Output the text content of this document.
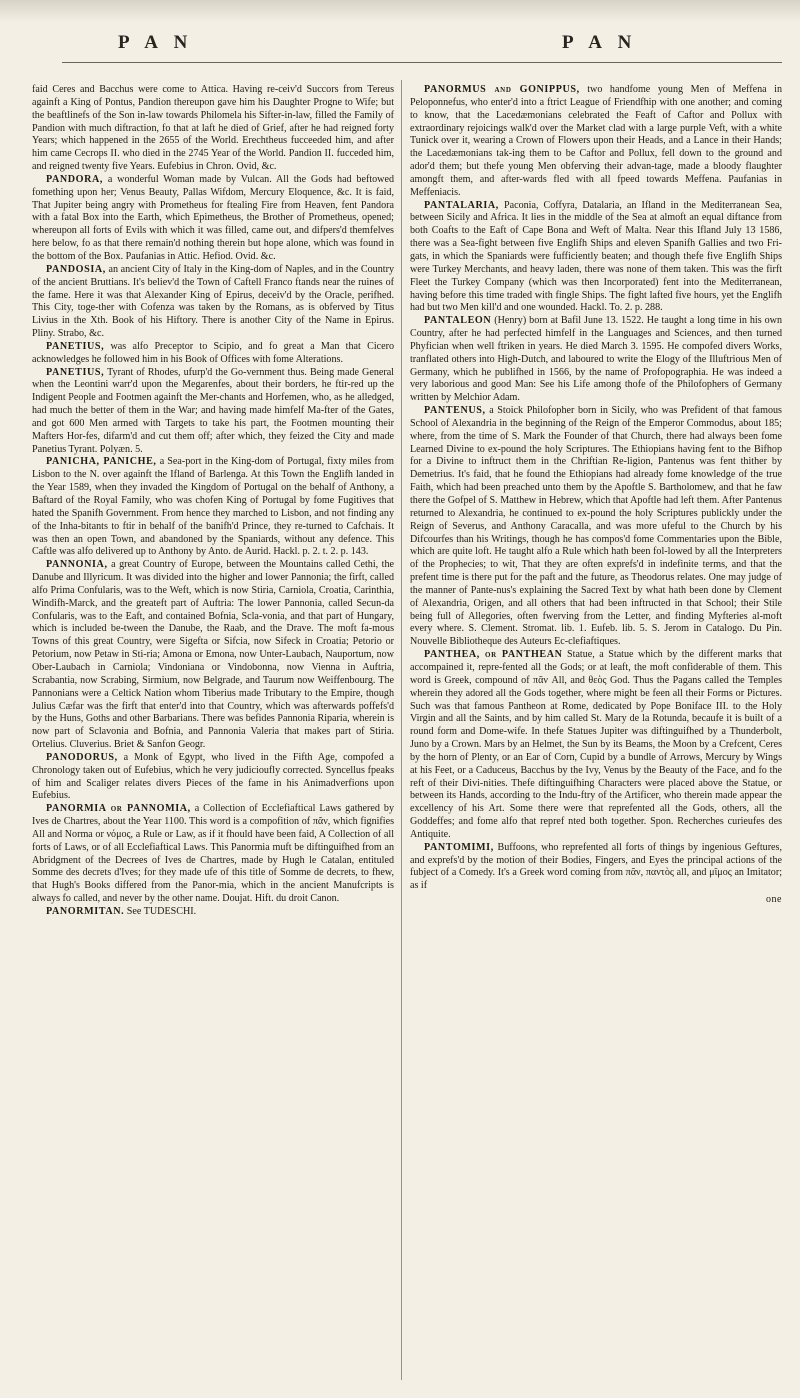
P A N	P A N

faid Ceres and Bacchus were come to Attica. Having re-ceiv'd Succors from Tereus againft a King of Pontus, Pandion thereupon gave him his Daughter Progne to Wife; but the beaftlinefs of the Son in-law towards Philomela his Sifter-in-law, filled the Family of Pandion with much diftraction, fo that at laft he died of Grief, after he had reigned forty Years; which happened in the 2655 of the World. Erechtheus fucceeded him, and after him came Cecrops II. who died in the 2745 Year of the World. Pandion II. fucceded him, and reigned twenty five Years. Eufebius in Chron. Ovid, &c.

PANDORA, a wonderful Woman made by Vulcan. All the Gods had beftowed fomething upon her; Venus Beauty, Pallas Wifdom, Mercury Eloquence, &c. It is faid, That Jupiter being angry with Prometheus for ftealing Fire from Heaven, fent Pandora with a fatal Box into the Earth, which Epimetheus, the Brother of Prometheus, opened; whereupon all forts of Evils with which it was filled, came out, and difpers'd themfelves here below, fo as that there remain'd nothing therein but hope alone, which was found in the bottom of the Box. Paufanias in Attic. Hefiod. Ovid. &c.

PANDOSIA, an ancient City of Italy in the King-dom of Naples, and in the Country of the ancient Bruttians. It's believ'd the Town of Caftell Franco ftands near the ruines of the fame. Here it was that Alexander King of Epirus, deceiv'd by the Oracle, perifhed. This City, toge-ther with Cofenza was taken by the Romans, as is obferved by Titus Livius in the Xth. Book of his Hiftory. There is another City of the Name in Epirus. Pliny. Strabo, &c.

PANETIUS, was alfo Preceptor to Scipio, and fo great a Man that Cicero acknowledges he followed him in his Book of Offices with fome Alterations.

PANETIUS, Tyrant of Rhodes, ufurp'd the Go-vernment thus. Being made General when the Leontini warr'd upon the Megarenfes, about their borders, he ftir-red up the Indigent People and Footmen againft the Mer-chants and Horfemen, who, as he alledged, had much the better of them in the War; and having made himfelf Ma-fter of the Gates, and got 600 Men armed with Targets to take his part, the Footmen mounting their Mafters Hor-fes, difarm'd and cut them off; after which, they feized the City and made Panetius Tyrant. Polyæn. 5.

PANICHA, PANICHE, a Sea-port in the King-dom of Portugal, fixty miles from Lisbon to the N. over againft the Ifland of Barlenga. At this Town the Englifh landed in the Year 1589, when they invaded the Kingdom of Portugal on the behalf of Anthony, a Baftard of the Royal Family, who was chofen King of Portugal by fome Fugitives that hated the Spanifh Government. From hence they marched to Lisbon, and not finding any of the Inha-bitants to ftir in behalf of the banifh'd Prince, they re-turned to Cafchais. It was then an open Town, and abandoned by the Spaniards, without any defence. This Caftle was alfo delivered up to Anthony by Anto. de Aurid. Hackl. p. 2. t. 2. p. 143.

PANNONIA, a great Country of Europe, between the Mountains called Cethi, the Danube and Illyricum. It was divided into the higher and lower Pannonia; the firft, called alfo Prima Confularis, was to the Weft, which is now Stiria, Carniola, Croatia, Carinthia, Windifh-Marck, and the greateft part of Auftria: The lower Pannonia, called Secun-da Confularis, was to the Eaft, and contained Bofnia, Scla-vonia, and that part of Hungary, which is included be-tween the Danube, the Raab, and the Drave. The moft fa-mous Towns of this great Country, were Sigefta or Sifcia, now Sifeck in Croatia; Petorio or Petorium, now Petaw in Sti-ria; Amona or Emona, now Unter-Laubach, Nauportum, now Ober-Laubach in Carniola; Vindoniana or Vindobonna, now Vienna in Auftria, Scrabantia, now Scrabing, Sirmium, now Belgrade, and Taurum now Weiffenbourg. The Pannonians were a Celtick Nation whom Tiberius made Tributary to the Empire, though Julius Cæfar was the firft that enter'd into that Country, which was afterwards poffefs'd by the Huns, Goths and other Barbarians. There was befides Pannonia Riparia, wherein is now part of Sclavonia and Bofnia, and Pannonia Valeria that makes part of Stiria. Ortelius. Cluverius. Briet & Sanfon Geogr.

PANODORUS, a Monk of Egypt, who lived in the Fifth Age, compofed a Chronology taken out of Eufebius, which he very judicioufly corrected. Syncellus fpeaks of him and Scaliger relates divers Pieces of the fame in his Animadverfions upon Eufebius.

PANORMIA or PANNOMIA, a Collection of Ecclefiaftical Laws gathered by Ives de Chartres, about the Year 1100. This word is a compofition of πᾶν, which fignifies All and Norma or νόμος, a Rule or Law, as if it fhould have been faid, A Collection of all forts of Laws, or of all Ecclefiaftical Laws. This Panormia muft be diftinguifhed from an Abridgment of the Decrees of Ives de Chartres, made by Hugh le Catalan, entituled Somme des decrets d'Ives; for they made ufe of this title of Somme de decrets, to fhew, that Hugh's Books differed from the Panor-mia, which in the ancient Manufcripts is always fo called, and never by the other name. Doujat. Hift. du droit Canon.

PANORMITAN. See TUDESCHI.

PANORMUS and GONIPPUS, two handfome young Men of Meffena in Peloponnefus, who enter'd into a ftrict League of Friendfhip with one another; and coming to know, that the Lacedæmonians celebrated the Feaft of Caftor and Pollux with extraordinary rejoicings walk'd over the Market clad with a large purple Veft, with a white Tunick over it, wearing a Crown of Flowers upon their Heads, and a Lance in their Hands; the Lacedæmonians tak-ing them to be Caftor and Pollux, fell down to the ground and ador'd them; but thefe young Men obferving their advan-tage, made a bloody flaughter amongft them, and after-wards fled with all fpeed towards Meffena. Paufanias in Meffeniacis.

PANTALARIA, Paconia, Coffyra, Datalaria, an Ifland in the Mediterranean Sea, between Sicily and Africa. It lies in the middle of the Sea at almoft an equal diftance from both Coafts to the Eaft of Cape Bona and Weft of Malta. Near this Ifland July 13 1586, there was a Sea-fight between five Englifh Ships and eleven Spanifh Gallies and two Fri-gats, in which the Spaniards were fufficiently beaten; and though thefe five Englifh Ships were Turkey Merchants, and heavy laden, there was none of them taken. This was the firft Fleet the Turkey Company (which was then Incorporated) fent into the Mediterranean, having before this time traded with fingle Ships. The fight lafted five hours, yet the Englifh had but two Men kill'd and one wounded. Hackl. To. 2. p. 288.

PANTALEON (Henry) born at Bafil June 13. 1522. He taught a long time in his own Country, after he had perfected himfelf in the Languages and Sciences, and then turned Phyfician when well ftriken in years. He died March 3. 1595. He compofed divers Works, tranflated others into High-Dutch, and laboured to write the Elogy of the Illuftrious Men of Germany, which he publifhed in 1566, by the name of Profopographia. He was indeed a very laborious and good Man: See his Life among thofe of the Philofophers of Germany written by Melchior Adam.

PANTENUS, a Stoick Philofopher born in Sicily, who was Prefident of that famous School of Alexandria in the beginning of the Reign of the Emperor Commodus, about 185; where, from the time of S. Mark the Founder of that Church, there had always been fome Learned Divine to ex-pound the holy Scriptures. The Ethiopians having fent to the Bifhop for a Divine to inftruct them in the Chriftian Re-ligion, Pantenus was fent thither by Demetrius. It's faid, that he found the Ethiopians had already fome knowledge of the true Faith, which had been preached unto them by the Apoftle S. Bartholomew, and that he faw there the Gofpel of S. Matthew in Hebrew, which that Apoftle had left them. After Pantenus returned to Alexandria, he continued to ex-pound the holy Scriptures publickly under the Reign of Severus, and Anthony Caracalla, and was more ufeful to the Church by his Difcourfes than his Writings, though he has compos'd fome Commentaries upon the Bible, which are quite loft. He taught alfo a Rule which hath been fol-lowed by all the Interpreters of the Prophecies; to wit, That they are often exprefs'd in indefinite terms, and that the prefent time is there put for the paft and the future, as Theodorus relates. One may judge of the manner of Pante-nus's explaining the Sacred Text by what hath been done by Clement of Alexandria, Origen, and all others that had been inftructed in that School; their Stile being full of Allegories, often fwerving from the Letter, and finding Myfteries al-moft every where. S. Clement. Stromat. lib. 1. Eufeb. lib. 5. S. Jerom in Catalogo. Du Pin. Nouvelle Bibliotheque des Auteurs Ec-clefiaftiques.

PANTHEA, or PANTHEAN Statue, a Statue which by the different marks that accompained it, repre-fented all the Gods; or at leaft, the moft confiderable of them. This word is Greek, compound of πᾶν All, and θεὸς God. Thus the Pagans called the Temples wherein they adored all the Gods together, where might be feen all their Forms or Pictures. Such was that famous Pantheon at Rome, dedicated by Pope Boniface III. to the Holy Virgin and all the Saints, and by him called St. Mary de la Rotunda, becaufe it is built of a round form and Dome-wife. In thefe Statues Jupiter was diftinguifhed by a Thunderbolt, Juno by a Crown. Mars by an Helmet, the Sun by its Beams, the Moon by a Crefcent, Ceres by the horn of Plenty, or an Ear of Corn, Cupid by a bundle of Arrows, Mercury by Wings at his Feet, or a Caduceus, Bacchus by the Ivy, Venus by the Beauty of the Face, and fo the reft of their Divi-nities. Thefe diftinguifhing Characters were placed above the Statue, or between its Hands, according to the Indu-ftry of the Artificer, who therein made appear the excellency of his Art. Some there were that reprefented all the Gods, others, all the Goddeffes; and fome alfo that repref nted both together. Spon. Recherches curieufes des Antiquite.

PANTOMIMI, Buffoons, who reprefented all forts of things by ingenious Geftures, and exprefs'd by the motion of their Bodies, Fingers, and Eyes the principal actions of the fubject of a Comedy. It's a Greek word coming from πᾶν, παντὸς all, and μῖμος an Imitator; as if

one
